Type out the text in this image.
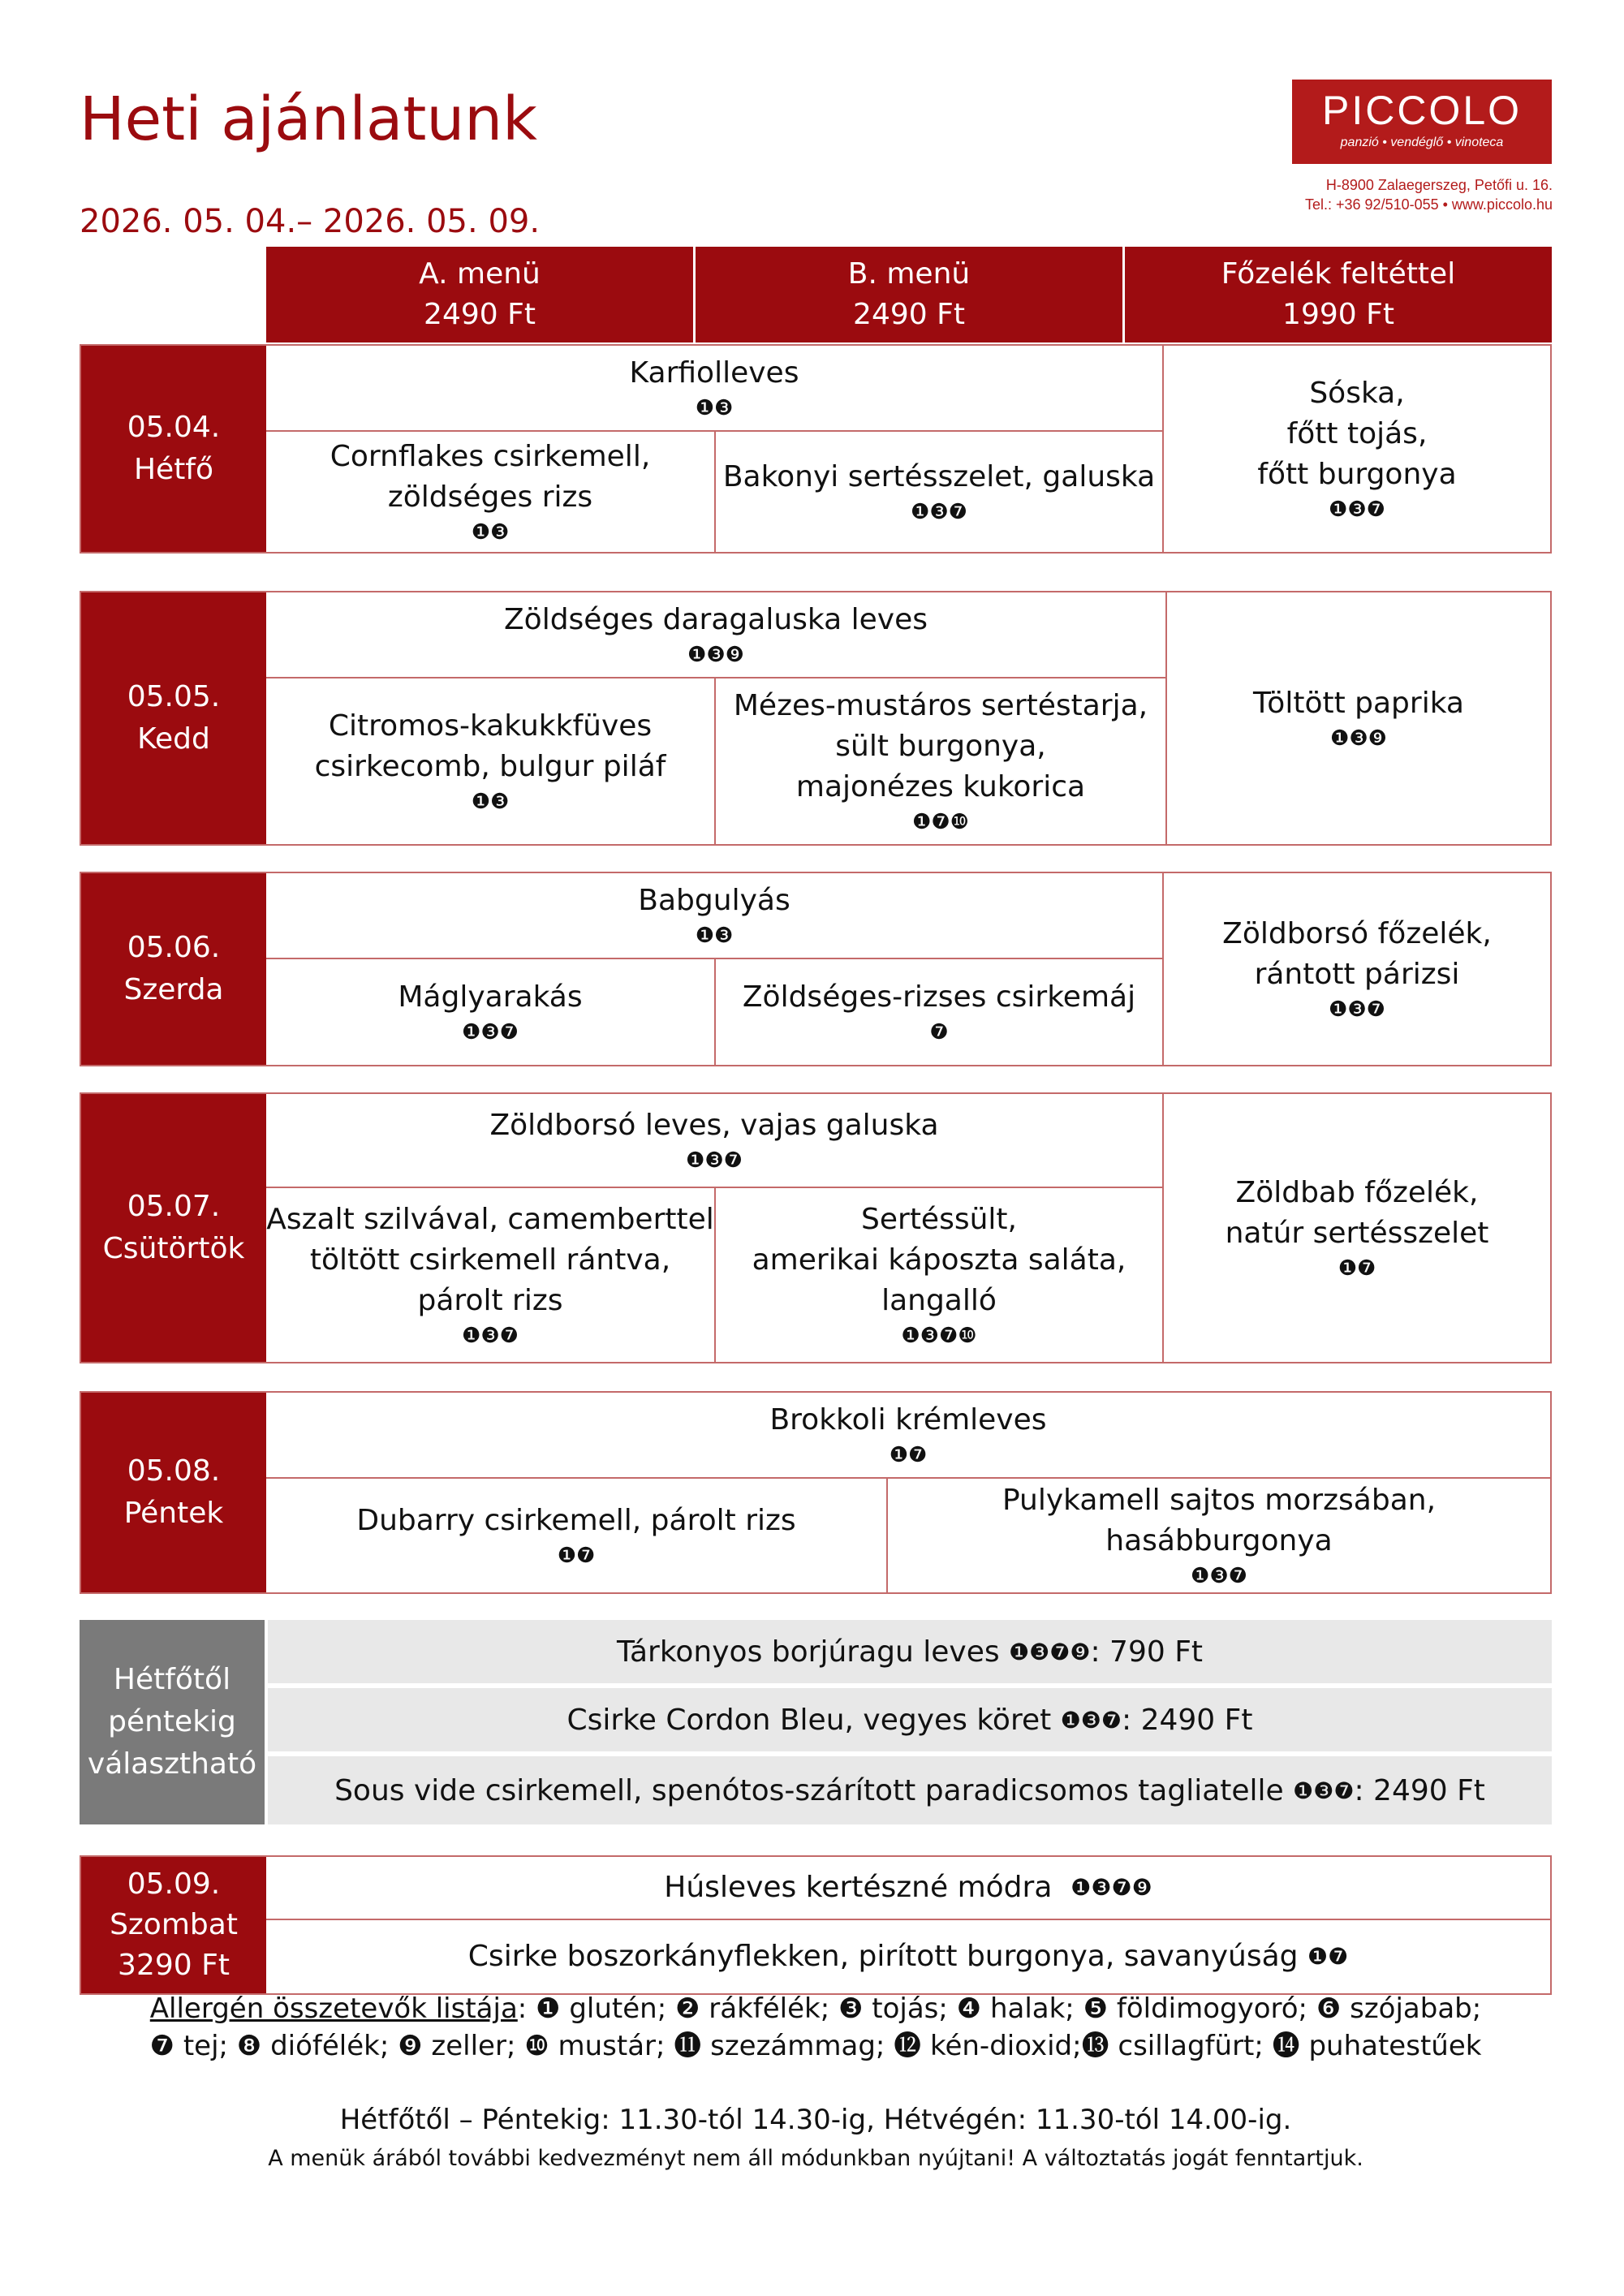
Heti ajánlatunk
2026. 05. 04.– 2026. 05. 09.
PICCOLO
panzió • vendéglő • vinoteca
H-8900 Zalaegerszeg, Petőfi u. 16.
Tel.: +36 92/510-055 • www.piccolo.hu
A. menü
2490 Ft
B. menü
2490 Ft
Főzelék feltéttel
1990 Ft
05.04.
Hétfő
Karfiolleves
❶❸
Cornflakes csirkemell,
zöldséges rizs
❶❸
Bakonyi sertésszelet, galuska
❶❸❼
Sóska,
főtt tojás,
főtt burgonya
❶❸❼
05.05.
Kedd
Zöldséges daragaluska leves
❶❸❾
Citromos-kakukkfüves
csirkecomb, bulgur piláf
❶❸
Mézes-mustáros sertéstarja,
sült burgonya,
majonézes kukorica
❶❼❿
Töltött paprika
❶❸❾
05.06.
Szerda
Babgulyás
❶❸
Máglyarakás
❶❸❼
Zöldséges-rizses csirkemáj
❼
Zöldborsó főzelék,
rántott párizsi
❶❸❼
05.07.
Csütörtök
Zöldborsó leves, vajas galuska
❶❸❼
Aszalt szilvával, camemberttel
töltött csirkemell rántva,
párolt rizs
❶❸❼
Sertéssült,
amerikai káposzta saláta,
langalló
❶❸❼❿
Zöldbab főzelék,
natúr sertésszelet
❶❼
05.08.
Péntek
Brokkoli krémleves
❶❼
Dubarry csirkemell, párolt rizs
❶❼
Pulykamell sajtos morzsában, hasábburgonya
❶❸❼
Hétfőtől
péntekig
választható
Tárkonyos borjúragu leves
❶❸❼❾ : 790 Ft
Csirke Cordon Bleu, vegyes köret
❶❸❼ : 2490 Ft
Sous vide csirkemell, spenótos-szárított paradicsomos tagliatelle
❶❸❼ : 2490 Ft
05.09.
Szombat
3290 Ft
Húsleves kertészné módra
❶❸❼❾
Csirke boszorkányflekken, pirított burgonya, savanyúság
❶❼
Allergén összetevők listája: ❶ glutén; ❷ rákfélék; ❸ tojás; ❹ halak; ❺ földimogyoró; ❻ szójabab;
❼ tej; ❽ diófélék; ❾ zeller; ❿ mustár; ⓫ szezámmag; ⓬ kén-dioxid;⓭ csillagfürt; ⓮ puhatestűek
Hétfőtől – Péntekig: 11.30-tól 14.30-ig, Hétvégén: 11.30-tól 14.00-ig.
A menük árából további kedvezményt nem áll módunkban nyújtani! A változtatás jogát fenntartjuk.
